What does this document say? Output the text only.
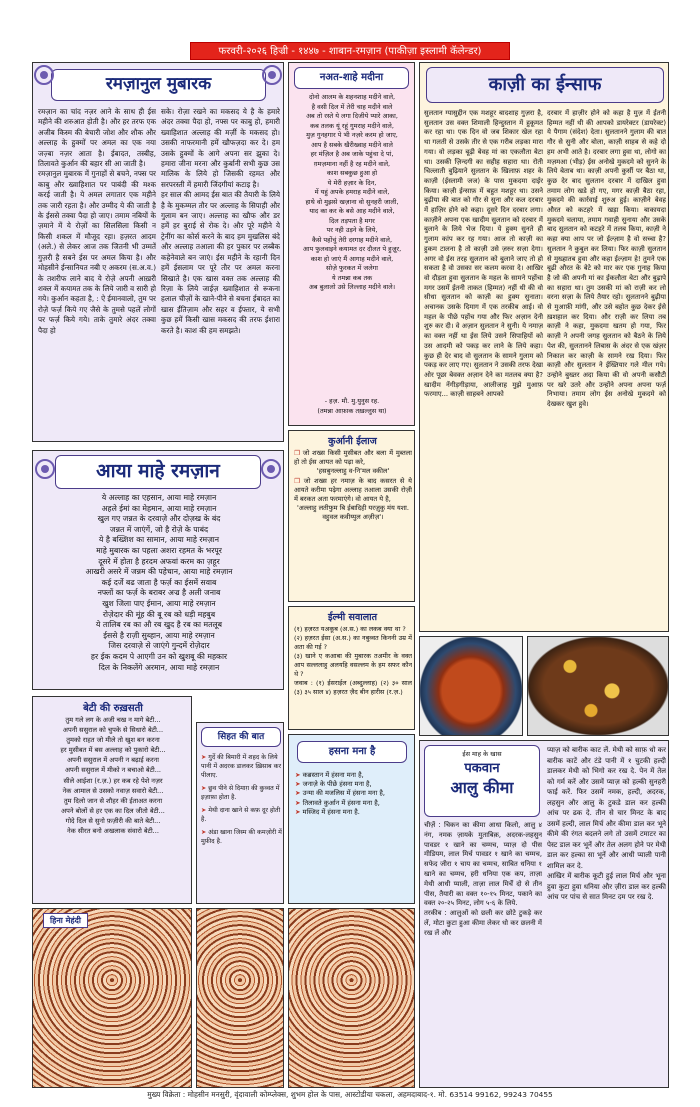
फरवरी-२०२६ हिज्री - १४४७ - शाबान-रमज़ान (पाकीज़ा इस्लामी कॅलेन्डर)
रमज़ानुल मुबारक
रमज़ान का चांद नज़र आने के साथ ही ईस महीने की शरुआत होती है। और हर तरफ एक अजीब किस्म की बेचारी जोश और शौक और अल्लाह के हुक्मों पर अमल का एक नया जज़्बा नज़र आता है। ईबादत, तस्बीह, तिलावते कुर्आन की बहार सी आ जाती है।
रमज़ानुल मुबारक में गुनाहों से बचने, नफ्स पर काबु और ख्वाहिशात पर पाबंदी की मश्क करई जाती है। ये अमल लगातार एक महीने तक जारी रहता है। और उम्मीद ये की जाती है के ईससे तक्वा पैदा हो जाए। तमाम नबियों के ज़माने में ये रोज़ों का सिलसिला किसी न किसी शकल में मौजूद रहा। हज़रत आदम (अले.) से लेकर आज तक जितनी भी उम्मतें गुज़री है सबने ईस पर अमल किया है। और मोहसीने ईन्सानियत नबी ए अकरम (स.अ.व.) के तशरीफ लाने बाद ये रोज़े अपनी आख़री शक्ल में कयामत तक के लिये जारी व सारी हो गये। कुर्आन कहता है, : ऐ ईमानवालो, तुम पर रोज़े फर्ज़ किये गए जैसे के तुमसे पहलें लोगों पर फर्ज़ किये गये। ताके तुमारे अंदर तक्वा पैदा हो
सके। रोज़ा रखने का मकसद ये है के हमारे अंदर तक्वा पैदा हो, नफ्स पर काबु हो, हमारी ख्वाहिशात अल्लाह की मर्ज़ी के मकसद हो। उसकी नाफरमानी हमें खौफज़दा कर दे। हम उसके हुक्मों के आगे अपना सर झुका दे। हमारा जीना मरना और कुर्बानी सभी कुछ उस मालिक के लिये हो जिसकी रहमत और सरपरस्ती में हमारी जिंदगीयां कटाइ है।
हर साल की आमद ईस बात की तैयारी के लिये है के मुकम्मल तौर पर अल्लाह के सिपाही और गुलाम बन जाए। अल्लाह का खौफ और डर हमें हर बुराई से रोक दे। और पूरे महीने ये ट्रेनींग का कोर्स करने के बाद हम मुखलिस बंदे और अल्लाह तआला की हर पुकार पर लब्बैक कहेनेवाले बन जाएं। ईस महीने के रहानी दिन हमें ईसलाम पर पूरे तौर पर अमल करना सिखाते है। एक खास वक्त तक अल्लाह की रिज़ा के लिये जाईज़ ख्वाहिशात से रूकना हलाल चीज़ों के खाने-पीने से बचना ईबादत का खास ईंतिज़ाम और सहर व ईफ्तार, ये सभी कुछ हमें किसी खास मकसद की तरफ ईशारा करते है। काश की हम समझते।
आया माहे रमज़ान
ये अल्लाह का एहसान, आया माहे रमज़ान
अहले ईमां का मेहमान, आया माहे रमज़ान
खुल गए जन्नत के दरवाज़े और दोज़ख के बंद
जन्नत में जाएंगें, जो है रोज़े के पाबंद
ये है बख्शिश का सामान, आया माहे रमज़ान
माहे मुबारक का पहला अशरा रहमत के भरपूर
दूसरे में होता है हरदम अफवां करम का ज़हूर
आखरी असरे में जन्नम की पहेचान, आया माहे रमज़ान
कई दर्जे बढ जाता है फर्ज़ का ईसमें सवाब
नफ्लों का फर्ज़ के बराबर अज्र है अली जनाब
खुश जिला पाए ईमान, आया माहे रमज़ान
रोज़ेदार की मूंह की बू रब को धड़ी महबुब
ये तालिब रब का औ रब खुद है रब का मतलूब
ईससे है राज़ी सुब्हान, आया माहे रमज़ान
जिस दरवाज़े से जाएंगे गुन्दमें रोज़ेदार
हर ईक कदम पे आएगी उन को खुशबू की महकार
दिल के निकलेंगे अरमान, आया माहे रमज़ान
नअत-शाहे मदीना
दोनो आलम के शहनशाह मदीने वाले,
है वसी दिल में तेरी चाह मदीने वाले
अब तो रस्ते ये लगा दिजीये प्यारे आका,
कब तलक यूं रहूं गुमराह मदीने वाले,
मुज़ गुनहगार पे भी नज़रे करम हो जाए,
आप है सबके खैरीख्वाह मदीने वाले
हर मंज़िल है अब जाके पहुंचा दे पां,
ग़मज़माना नहीं है रह मदीने वाले,
काश सबकुछ हुआ हो
ये मेरी हज़ार के दिन,
में यहुं अपके हमराह मदीने वाले,
हाथे वो मुझसे खज़ाना वो सुनहरी जाली,
याद का कर के बसे आह मदीने वाले,
दिल तड़पता है मगर
पर नही उड़ने के लिये,
कैसे पहोंचुं तेरी दरगाह मदीने वाले,
आप फुलवाइने कयामत दर दौलत पे हुज़ूर,
काश हो जाएं मैं आगाह मदीने वाले,
सोज़े फुरकत में जलेगा
ये तमन्ना कब तक
अब बुलालो उसे लिल्लाह मदीने वाले।
- हज़. मौ. मु.युनुस रह.
(तमन्ना आफ़ाक तख़ल्लुस था)
कुर्आनी ईलाज
❒ जो शख्स किसी मुसीबत और बला में मुब्तला हो तो ईस आयत को पढ़ा करे,

'हसबुनल्लाहु व-नि'मल वकील'
❒ जो शख्स हर नमाज़ के बाद कसरत से ये आयते करीमा पढ़ेगा अल्लाह तआला उसकी रोज़ी में बरकत अता फरमाएंगे। वो आयत ये है,

'अल्लाहु लतीफुम बि ईबादिही यरज़ुकु मंय यशा. वहुवल कवीय्युल अज़ीज़'।
ईल्मी सवालात
(१) हज़रत यअकूब (अ.स.) का लकब क्या था ?
(२) हज़रत ईसा (अ.स.) का नबुव्वत किननी उम्र में अता की गई ?
(३) खाने ए कआबा की मुबारक तअमीर के वक्त आप सल्ललाहु अलयहि वसल्लम के हम सफर कौन थे ?
जवाब : (१) ईसराईल (अब्दुल्लाह) (२) ३० साल (३) ३५ साल ४) हज़रत ज़ैद बीन हारीस (र.ज़.)
काज़ी का ईन्साफ
सुलतान ग्यासुद्दीन एक मशहूर बादशाह गुज़रा है, सुलतान उस वक्त शिमाली हिन्दुस्तान में हुकूमत कर रहा था। एक दिन वो जब शिकार खेल रहा था गलती से उसके तीर से एक गरीब लड़का मारा गया। वो लड़का बूढ़ी बेवह मां का एकलौता बेटा था। उसकी ज़िन्दगी का सहीह सहारा था। रोती चिल्लाती बुढ़ियाने सुलतान के खिलाफ़ शहर के काज़ी (ईस्लामी जज) के पास मुकदमा दाईर किया। काज़ी ईन्साफ़ में बहुत मशहूर था। उसने बुढ़ीया की बात को गौर से सुना और कल दरबार में हाज़िर होने को कहा। दूसरे दिन दरबार लगा। काज़ीने अपना एक खादीम सुलतान को दरबार में बुलाने के लिये भेज दिया। ये हुक्म सुनते ही गुलाम कांप कर रह गया। आज तो काज़ी का हुकम टालना है तो काज़ी उसे ज़रुर सज़ा देगा। अगर वो ईस तरह सुलतान को बुलाने जाए तो हो सकता है वो उसका सर कलम करवा दे। आखिर वो दौड़ता हुवा सुलतान के महल के सामने पहोंचा मगर उसमें ईतनी ताकत (हिम्मत) नहीं थी की वो सीधा सुलतान को काज़ी का हुक्म सुनाता। अचानक उसके दिमाग में एक तरकीब आई। वो महल के पीछे पहोंच गया और फिर अज़ान देनी शुरु कर दी। वे अज़ान सुलतान ने सुनी। ये नमाज़ का वक्त नहीं था ईस लिये उसने सिपाहियों को उस आदमी को पकड़ कर लाने के लिये कहा। कुछ ही देर बाद वो सुलतान के सामने गुलाम को पकड़ कर लाए गए। सुलतान ने उसकी तरफ देखा ओर पूछा बेवक्त अज़ान देने का मतलब क्या है? खादीम नेंगीड़गीड़ाया, आलीजाह मुझे मुआफ़ फरमाए... काज़ी साहबने आपको
दरबार में हाज़ीर होने को कहा है मुज़ में ईतनी हिम्मत नहीं थी की आपको डायरेक्टर (डायरेक्ट) ये पैगाम (संदेश) देता। सुलतानने गुलाम की बात गौर से सुनी और बोला, काज़ी साहब से कहे दो हम अभी आते है। दरबार लगा हुवा था, लोगो का मज़मआ (भीड़) ईस अनोखे मुकदमे को सुनने के लिये बेताब था। काज़ी अपनी कुर्सी पर बैठा था, कुछ देर बाद सुलतान दरबार में दाखिल हुवा तमाम लोग खडे हो गए, मगर काज़ी बैठा रहा, मुकदमे की कार्रवाई शुरुअ हुई। काज़ीने बेवह औरत को कटहरे में खड़ा किया। बाकायदा मुकदमे चलाया, तमाम गवाही सुनाया और उसके बाद सुलतान को कटहरे में तलब किया, काज़ी ने कहा क्या आप पर जो ईल्ज़ाम है वो सच्चा है? सुलतान ने कुबुल कर लिया। फिर काज़ी सुलतान से मुख्हातब हुवा और कहा ईल्ज़ाम हे! तुमने एक बूढी औरत के बेटे को मार कर एक गुनाह किया है जो की अपनी मां का ईकलौता बेटा और बुढ़ापे का सहारा था। तुम उसकी मां को राज़ी कर लो वरना सज़ा के लिये तैयार रहो। सुलतानने बुढ़ीया से मुआफ़ी मांगी, और उसे बहोत कुछ देकर ईसे ख़शहाल कर दिया। और राज़ी कर लिया तब काज़ी ने कहा, मुकदमा खतम हो गया, फिर काज़ी ने अपनी जगह सुलतान को बैठने के लिये पेश की, सुलतानने लिबास के अंदर से एक खंज़र निकाल कर काज़ी के सामने रख दिया। फिर काज़ी और सुलतान ने ईख्तियार गले मील गये। उन्होने बुख्तर अदा किया की वो अपनी कसौटी पर खरे उतरे और उन्होंने अपना अपना फर्ज़ निभाया। तमाम लोग ईस अनोखे मुकदमे को देखकर खुश हुवे।
बेटी की रुख़सती
तुम गले लग के अजी चख न मागे बेटी...
अपनी ससुराल को चुपके से सिधारो बेटी...
तुमको राहत जो मीले तो खुश बन करना
हर मुसीबत में बस अल्लाह को पुकारो बेटी...
अपनी ससुराल में अपनी न बढ़ाई करना
अपनी ससुराल में मीको न बचाओ बेटी...
सीले आईशा (र.ज़.) हर कब रहे पेशे नज़र
नेक आमाल से उसको नवाज़ सवारो बेटी...
तुम दिलो जान से शौहर की ईताअत करना
अपने बोलों से हर एक का दिल जीतो बेटी...
गोदे दिल से सुनो फ़ज़ीरी की बाते बेटी...
नेक सीरत बनो अखलाक संवारो बेटी...
सिहत की बात
➤ गुर्दे की बिमारी में शहद के लिये पानी में अदरक डालकर ख़िसाब कर पीलाए.
➤ छुव पीने से दिमाग़ की कुव्वत में इज़ाफ़ा होता है.
➤ मेथी दाना खाने से कफ़ दूर होती है.
➤ अंडा खाना जिस्म की कमज़ोरी में मुफ़ीद है.
हसना मना है
➤ कब्रस्तान में हंसना मना है,
➤ जनाज़े के पीछे हंसना मना है,
➤ उन्मा की मजलिस में हंसना मना है,
➤ तिलावते कुर्आन में हंसना मना है,
➤ मस्जिद में हंसना मना है.
हिना मेहंदी
ईस माह के खास
पकवान
आलु कीमा
चीज़ें : चिकन का कीमा आधा किलो, आलु ४ नंग, नमक ज़ायके मुताबिक़, अदरक-लहसुन पावडर १ खाने का चम्मच, प्याज़ दो पीस मीडियम, लाल मिर्च पावडर १ खाने का चम्मच, सफेद जीरा १ चाय का चम्मच, साबित धनिया १ खाने का चम्मच, हरी धनिया एक कप, ताज़ा मेथी आधी प्याली, ताज़ा लाल मिर्चें दो से तीन पीस, तैयारी का वक्त १०-१५ मिनट, पकाने का वक्त २०-२५ मिनट, लोग ५-६ के लिये.
तरकीब : आलुओं को छली कर छोटे टुकड़े कर लें, मोटा कुटा हुआ कीमा लेकर धो कर छलनी में रख लें और
प्याज़ को बारीक काट लें. मेथी को साफ़ धो कर बारीक काटें और टंडे पानी में १ चुटकी हल्दी डालकर मेथी को भिगो कर रख दे. पेन में तेल को गर्म करें और उसमें प्याज़ को हल्की सुनहरी फाई करें. फिर उसमें नमक, हल्दी, अदरक, लहसुन और आलु के टुकडे डाल कर हल्की आंच पर ढक दे. तीन से चार मिनट के बाद उसमें हल्दी, लाल मिर्च और कीमा डाल कर भूने कीमे की रंगत बदलने लगे तो उसमें टमाटर का पेस्ट डाल कर भूनें और तेल अलग होने पर मेथी डाल कर हल्का सा भूनें और आधी प्याली पानी शामिल कर दे.
आखिर में बारीक कूटी हुई लाल मिर्च और भूना हुवा कुटा हुवा धनिया और ज़ीरा डाल कर हल्की आंच पर पांच से सात मिनट दम पर रख दे.
मुख्य विक्रेता : मोहसीन मनसुरी, वृंदावाली कोम्प्लेक्स, शुभम होल के पास, आस्टोडीया चकला, अहमदाबाद-१. मो. 63514 99162, 99243 70455
